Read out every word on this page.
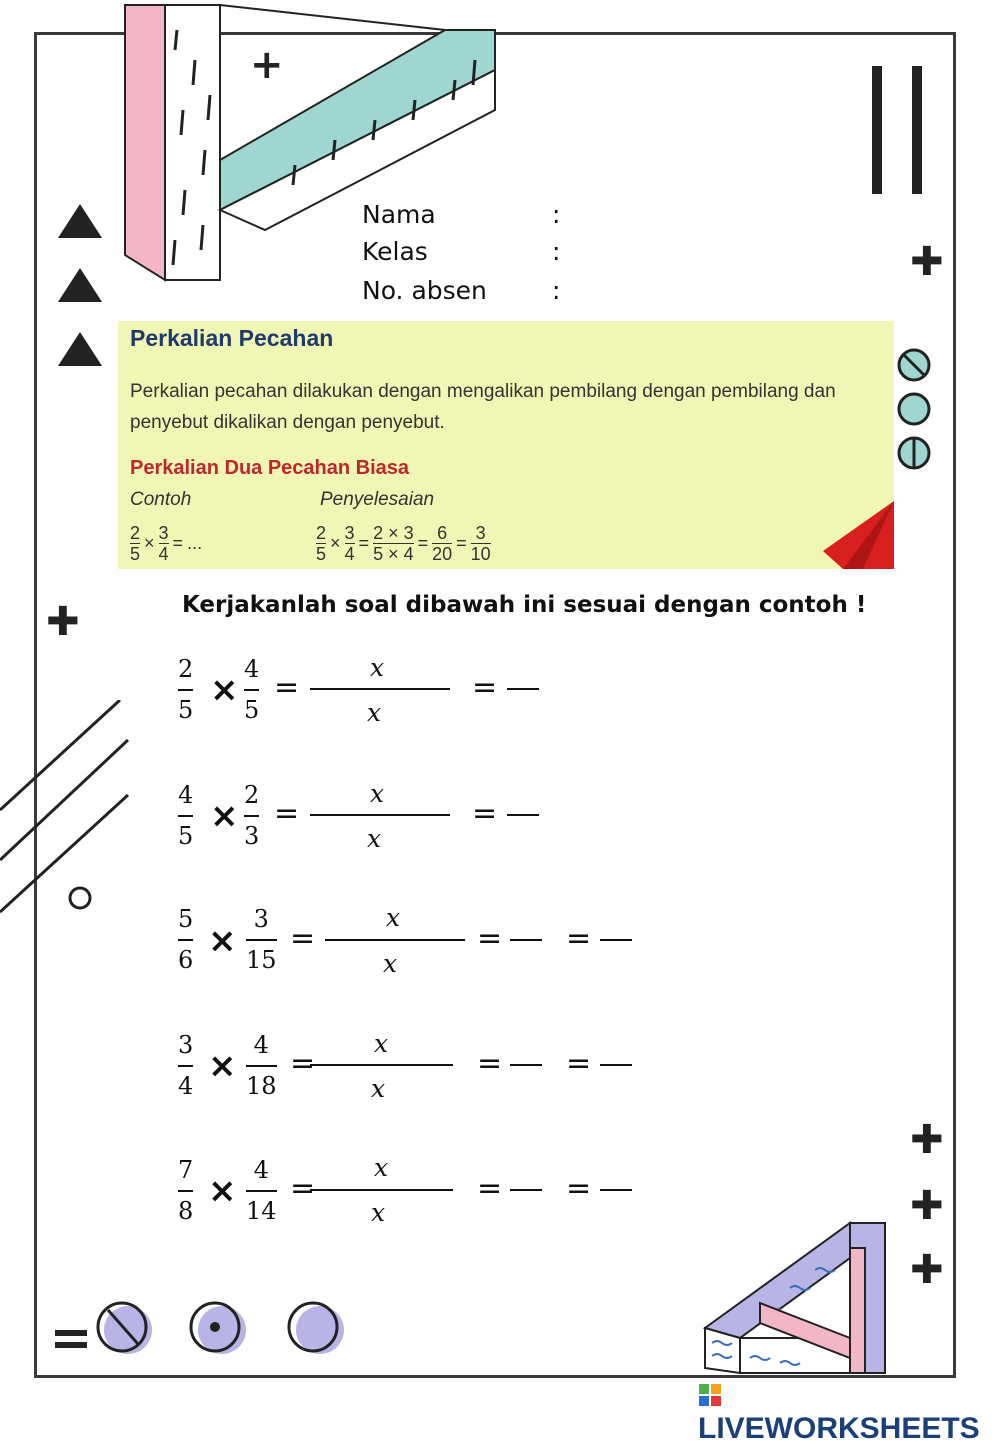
+
✚
✚
✚
✚
✚
Nama	:
Kelas	:
No. absen	:
Perkalian Pecahan
Perkalian pecahan dilakukan dengan mengalikan pembilang dengan pembilang dan penyebut dikalikan dengan penyebut.
Perkalian Dua Pecahan Biasa
Contoh	Penyelesaian
2
5
× 3
4
= ...	2
5
× 3
4
= 2 × 3
5 × 4
= 6
20
= 3
10
Kerjakanlah soal dibawah ini sesuai dengan contoh !
2
5 ×
4
5
=
x
x
=
4
5 ×
2
3
=
x
x
=
5
6 ×
3
15
=
x
x
= =
3
4 ×
4
18
=
x
x
= =
7
8 ×
4
14
=
x
x
= =
LIVEWORKSHEETS
